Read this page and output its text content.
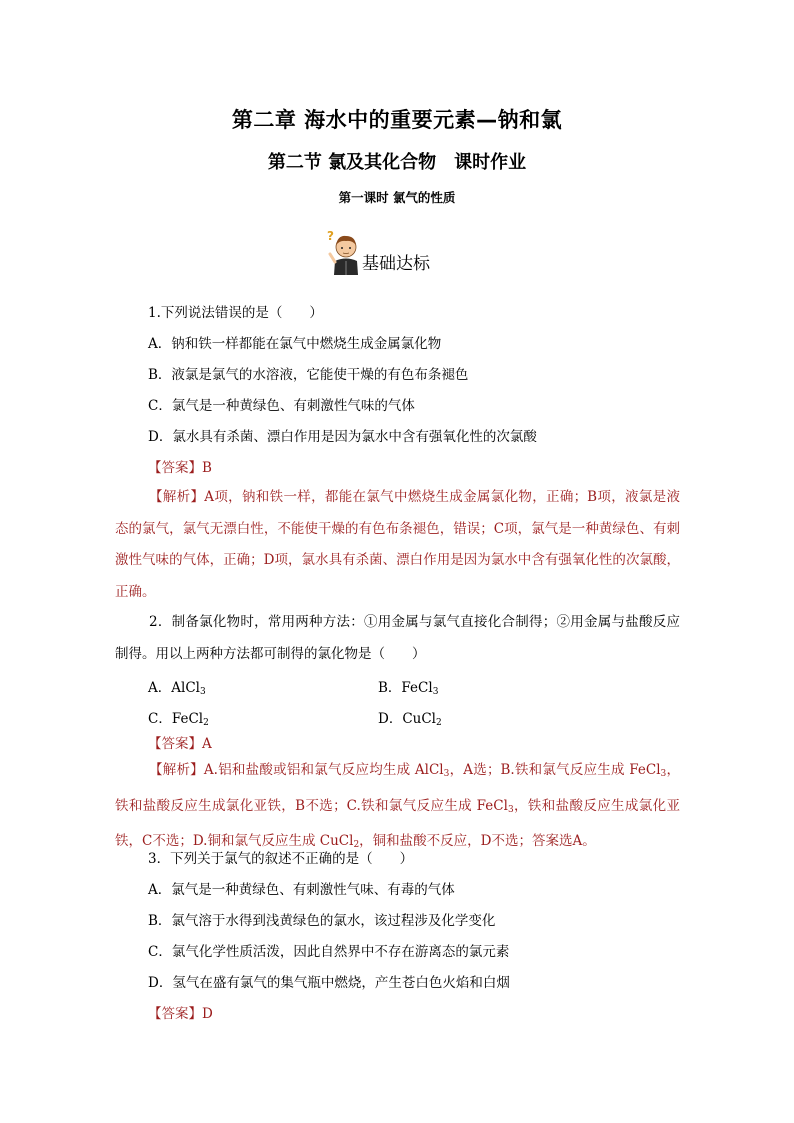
第二章 海水中的重要元素—钠和氯
第二节 氯及其化合物　课时作业
第一课时 氯气的性质
?
基础达标
1.下列说法错误的是（　　）
A．钠和铁一样都能在氯气中燃烧生成金属氯化物
B．液氯是氯气的水溶液，它能使干燥的有色布条褪色
C．氯气是一种黄绿色、有刺激性气味的气体
D．氯水具有杀菌、漂白作用是因为氯水中含有强氧化性的次氯酸
【答案】B
【解析】A项，钠和铁一样，都能在氯气中燃烧生成金属氯化物，正确；B项，液氯是液态的氯气，氯气无漂白性，不能使干燥的有色布条褪色，错误；C项，氯气是一种黄绿色、有刺激性气味的气体，正确；D项，氯水具有杀菌、漂白作用是因为氯水中含有强氧化性的次氯酸，正确。
2．制备氯化物时，常用两种方法：①用金属与氯气直接化合制得；②用金属与盐酸反应制得。用以上两种方法都可制得的氯化物是（　　）
A．AlCl$_3$	B．FeCl$_3$
C．FeCl$_2$	D．CuCl$_2$
【答案】A
【解析】A.铝和盐酸或铝和氯气反应均生成 AlCl$_3$，A选；B.铁和氯气反应生成 FeCl$_3$，铁和盐酸反应生成氯化亚铁，B不选；C.铁和氯气反应生成 FeCl$_3$，铁和盐酸反应生成氯化亚铁，C不选；D.铜和氯气反应生成 CuCl$_2$，铜和盐酸不反应，D不选；答案选A。
3．下列关于氯气的叙述不正确的是（　　）
A．氯气是一种黄绿色、有刺激性气味、有毒的气体
B．氯气溶于水得到浅黄绿色的氯水，该过程涉及化学变化
C．氯气化学性质活泼，因此自然界中不存在游离态的氯元素
D．氢气在盛有氯气的集气瓶中燃烧，产生苍白色火焰和白烟
【答案】D
